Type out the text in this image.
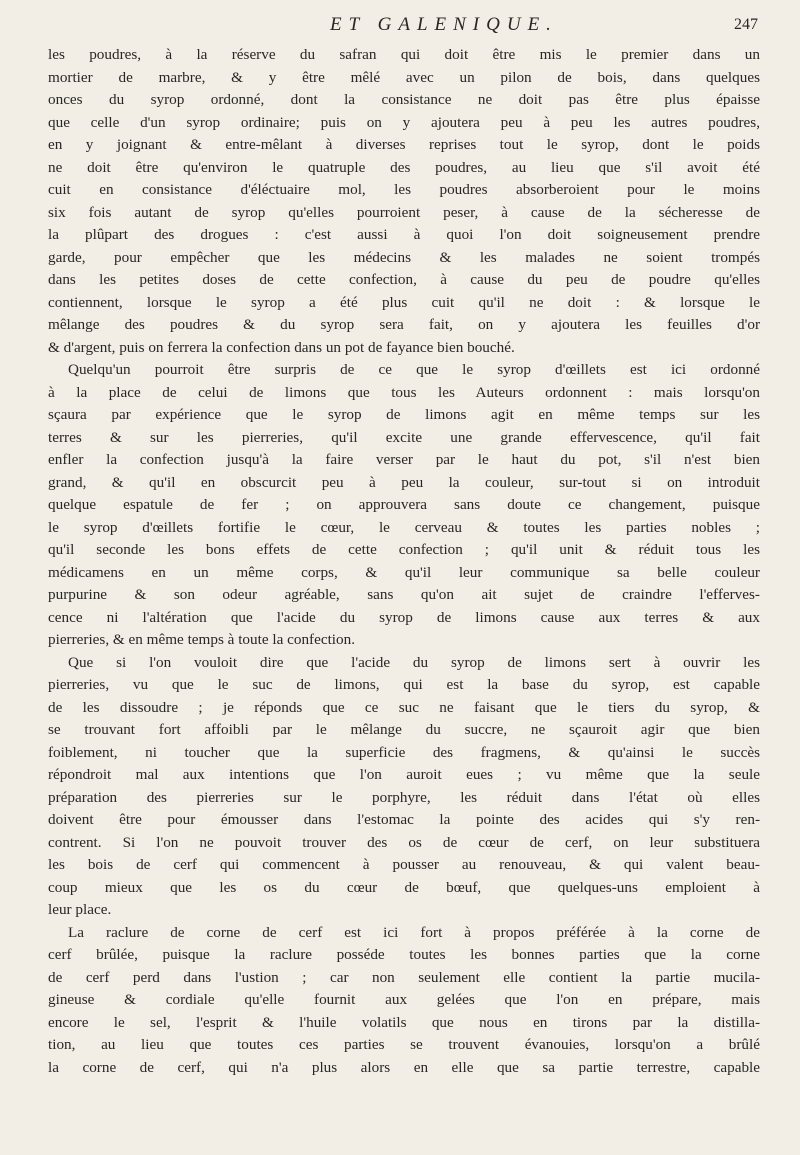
ET GALENIQUE.	247
les poudres, à la réserve du safran qui doit être mis le premier dans un
mortier de marbre, & y être mêlé avec un pilon de bois, dans quelques
onces du syrop ordonné, dont la consistance ne doit pas être plus épaisse
que celle d'un syrop ordinaire; puis on y ajoutera peu à peu les autres poudres,
en y joignant & entre-mêlant à diverses reprises tout le syrop, dont le poids
ne doit être qu'environ le quatruple des poudres, au lieu que s'il avoit été
cuit en consistance d'éléctuaire mol, les poudres absorberoient pour le moins
six fois autant de syrop qu'elles pourroient peser, à cause de la sécheresse de
la plûpart des drogues : c'est aussi à quoi l'on doit soigneusement prendre
garde, pour empêcher que les médecins & les malades ne soient trompés
dans les petites doses de cette confection, à cause du peu de poudre qu'elles
contiennent, lorsque le syrop a été plus cuit qu'il ne doit : & lorsque le
mêlange des poudres & du syrop sera fait, on y ajoutera les feuilles d'or
& d'argent, puis on ferrera la confection dans un pot de fayance bien bouché.
Quelqu'un pourroit être surpris de ce que le syrop d'œillets est ici ordonné
à la place de celui de limons que tous les Auteurs ordonnent : mais lorsqu'on
sçaura par expérience que le syrop de limons agit en même temps sur les
terres & sur les pierreries, qu'il excite une grande effervescence, qu'il fait
enfler la confection jusqu'à la faire verser par le haut du pot, s'il n'est bien
grand, & qu'il en obscurcit peu à peu la couleur, sur-tout si on introduit
quelque espatule de fer ; on approuvera sans doute ce changement, puisque
le syrop d'œillets fortifie le cœur, le cerveau & toutes les parties nobles ;
qu'il seconde les bons effets de cette confection ; qu'il unit & réduit tous les
médicamens en un même corps, & qu'il leur communique sa belle couleur
purpurine & son odeur agréable, sans qu'on ait sujet de craindre l'efferves-
cence ni l'altération que l'acide du syrop de limons cause aux terres & aux
pierreries, & en même temps à toute la confection.
Que si l'on vouloit dire que l'acide du syrop de limons sert à ouvrir les
pierreries, vu que le suc de limons, qui est la base du syrop, est capable
de les dissoudre ; je réponds que ce suc ne faisant que le tiers du syrop, &
se trouvant fort affoibli par le mêlange du succre, ne sçauroit agir que bien
foiblement, ni toucher que la superficie des fragmens, & qu'ainsi le succès
répondroit mal aux intentions que l'on auroit eues ; vu même que la seule
préparation des pierreries sur le porphyre, les réduit dans l'état où elles
doivent être pour émousser dans l'estomac la pointe des acides qui s'y ren-
contrent. Si l'on ne pouvoit trouver des os de cœur de cerf, on leur substituera
les bois de cerf qui commencent à pousser au renouveau, & qui valent beau-
coup mieux que les os du cœur de bœuf, que quelques-uns emploient à
leur place.
La raclure de corne de cerf est ici fort à propos préférée à la corne de
cerf brûlée, puisque la raclure posséde toutes les bonnes parties que la corne
de cerf perd dans l'ustion ; car non seulement elle contient la partie mucila-
gineuse & cordiale qu'elle fournit aux gelées que l'on en prépare, mais
encore le sel, l'esprit & l'huile volatils que nous en tirons par la distilla-
tion, au lieu que toutes ces parties se trouvent évanouies, lorsqu'on a brûlé
la corne de cerf, qui n'a plus alors en elle que sa partie terrestre, capable
